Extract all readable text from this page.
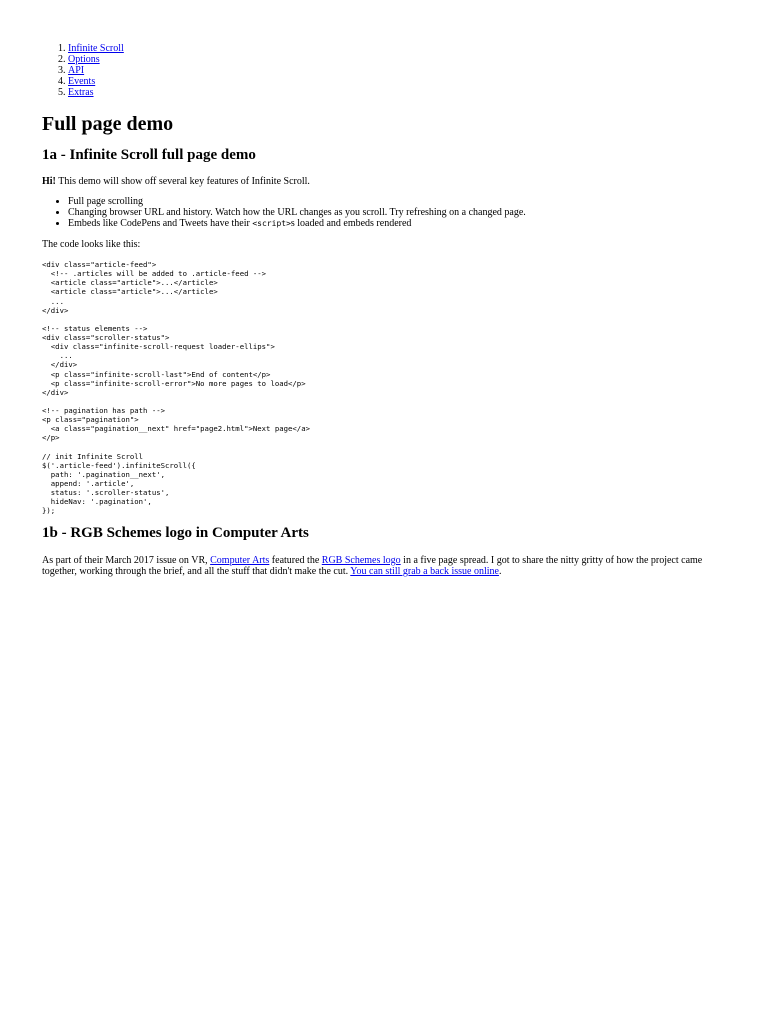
1. Infinite Scroll
2. Options
3. API
4. Events
5. Extras
Full page demo
1a - Infinite Scroll full page demo

Hi! This demo will show off several key features of Infinite Scroll.

• Full page scrolling
• Changing browser URL and history. Watch how the URL changes as you scroll. Try refreshing on a changed page.
• Embeds like CodePens and Tweets have their <script>s loaded and embeds rendered

The code looks like this:

<div class="article-feed">
<!-- .articles will be added to .article-feed -->
<article class="article">...</article>
<article class="article">...</article>
...
</div>

<!-- status elements -->
<div class="scroller-status">
<div class="infinite-scroll-request loader-ellips">
...
</div>
<p class="infinite-scroll-last">End of content</p>
<p class="infinite-scroll-error">No more pages to load</p>
</div>

<!-- pagination has path -->
<p class="pagination">
<a class="pagination__next" href="page2.html">Next page</a>
</p>

// init Infinite Scroll
$('.article-feed').infiniteScroll({
path: '.pagination__next',
append: '.article',
status: '.scroller-status',
hideNav: '.pagination',
});
1b - RGB Schemes logo in Computer Arts

As part of their March 2017 issue on VR, Computer Arts featured the RGB Schemes logo in a five page spread. I got to share the nitty gritty of how the project came together, working through the brief, and all the stuff that didn't make the cut. You can still grab a back issue online.
